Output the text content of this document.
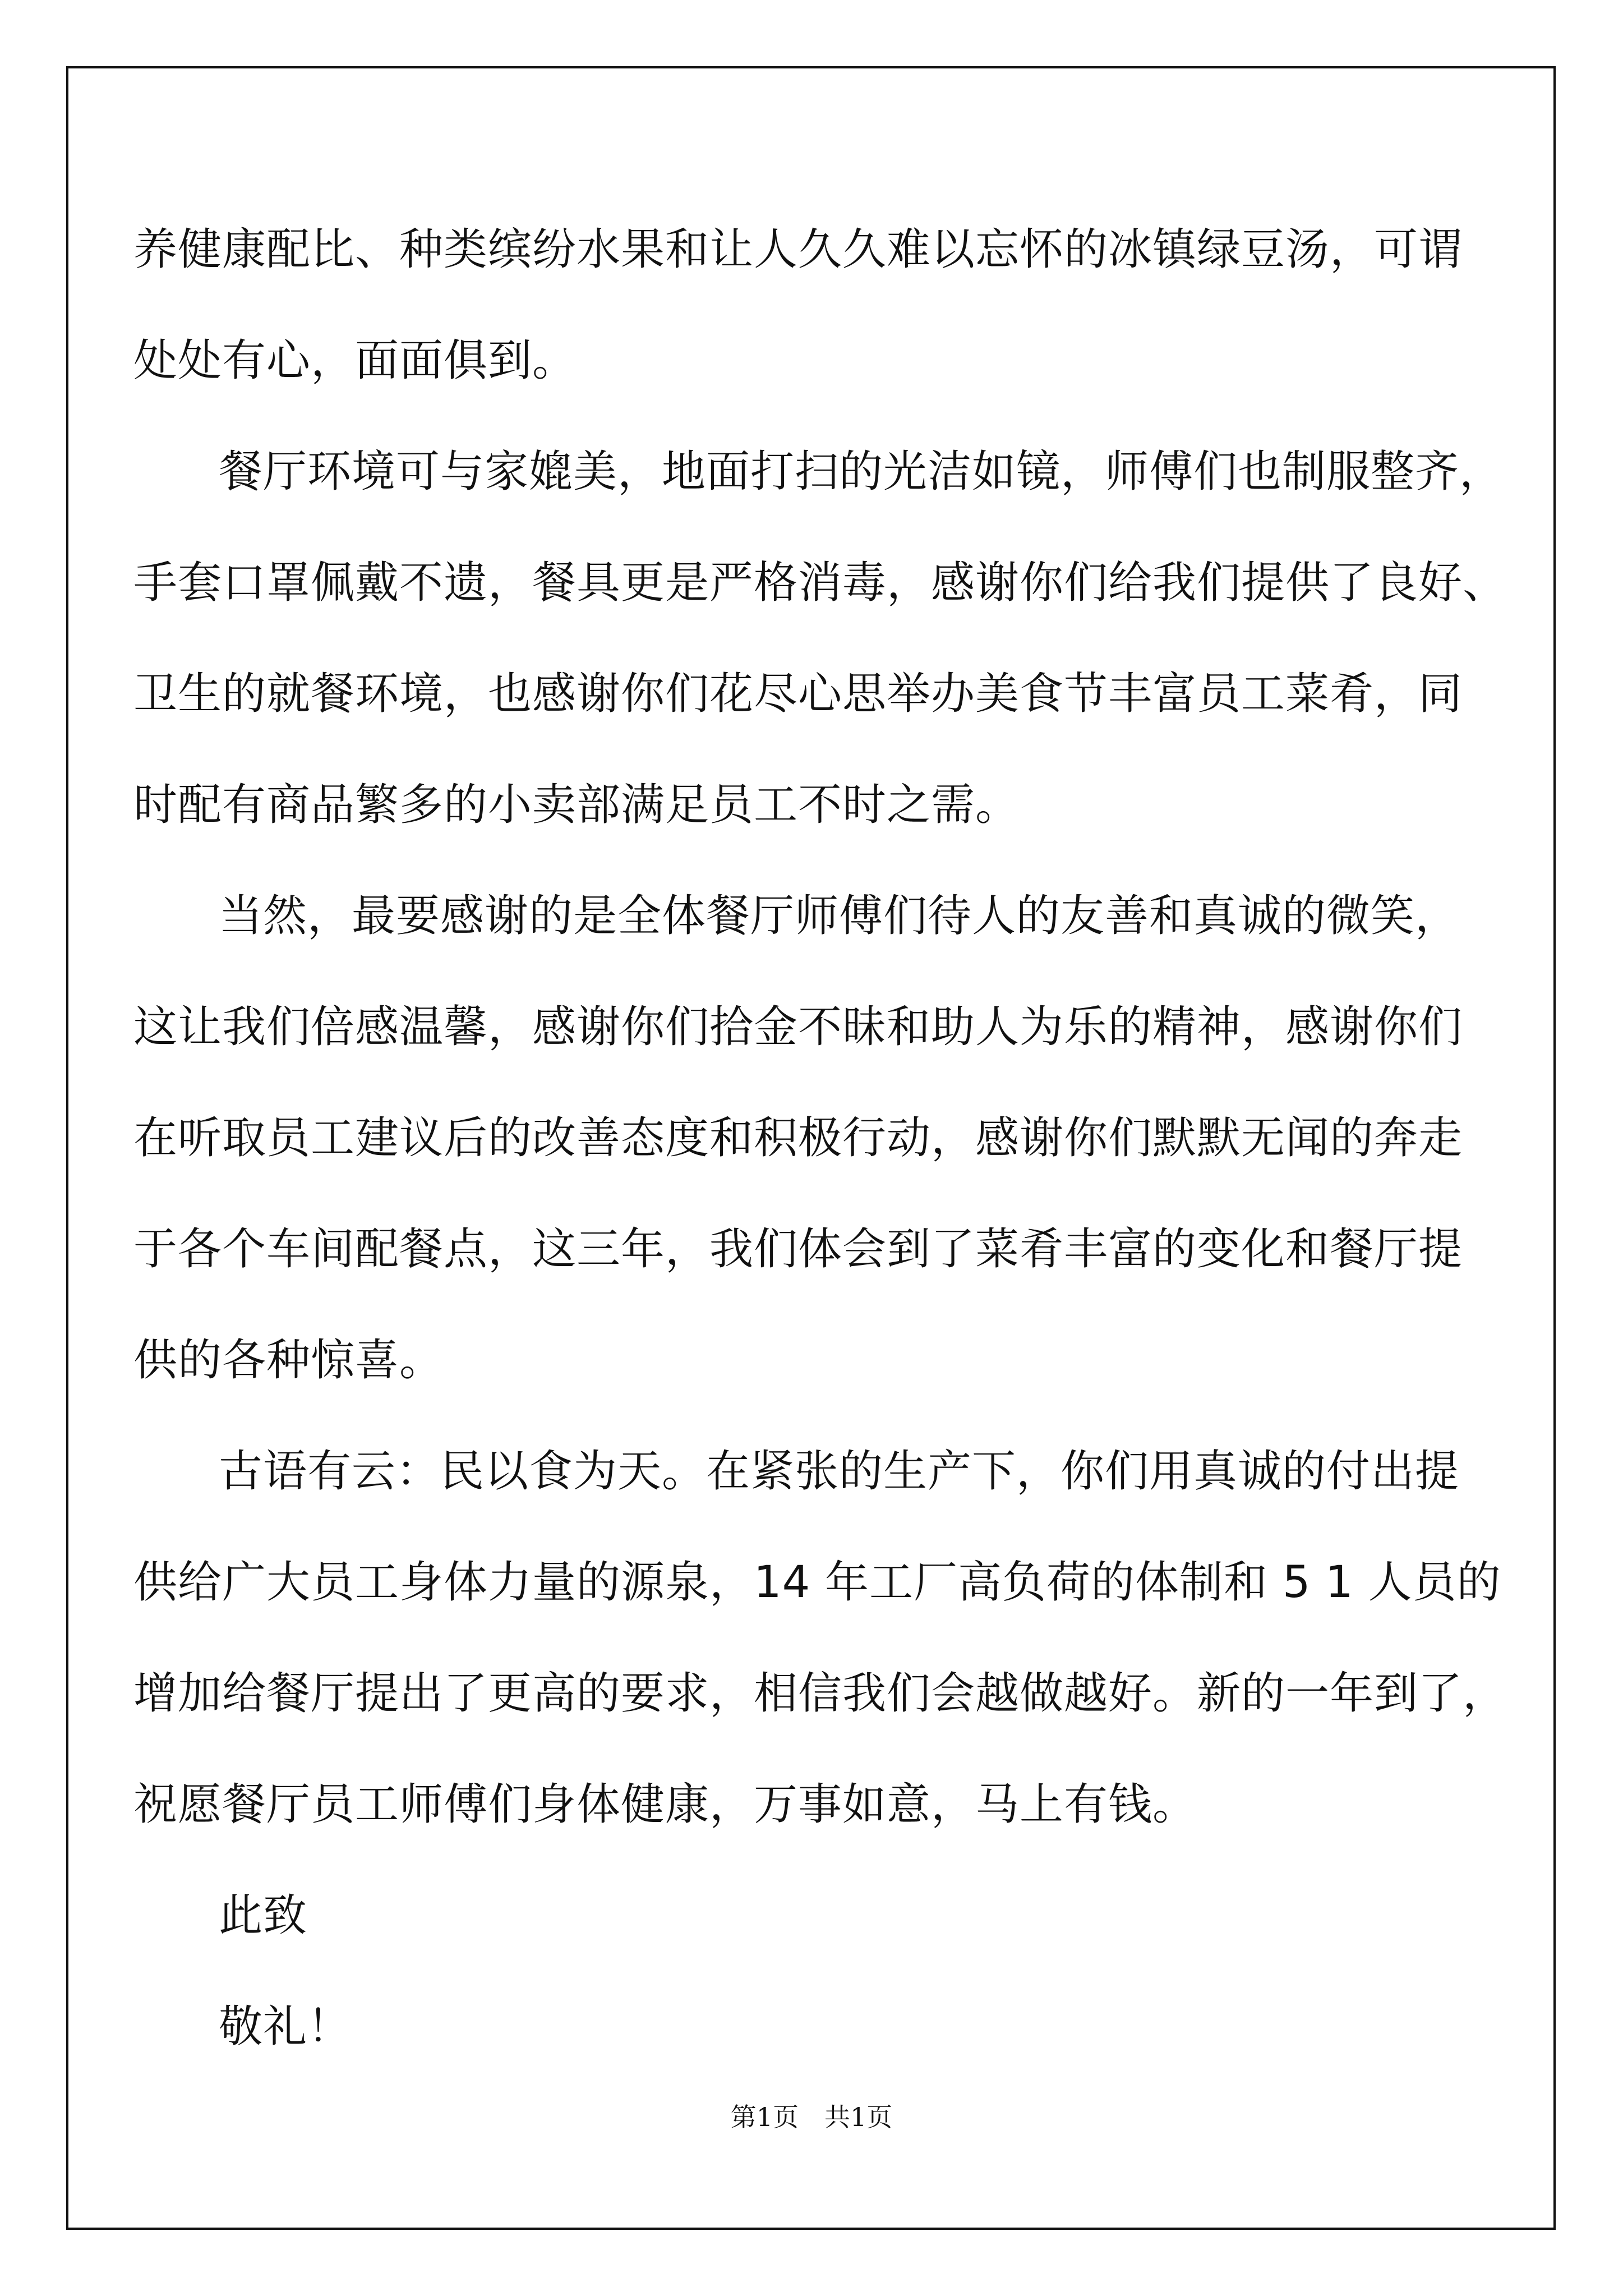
养健康配比、种类缤纷水果和让人久久难以忘怀的冰镇绿豆汤，可谓
处处有心，面面俱到。

餐厅环境可与家媲美，地面打扫的光洁如镜，师傅们也制服整齐，
手套口罩佩戴不遗，餐具更是严格消毒，感谢你们给我们提供了良好、
卫生的就餐环境，也感谢你们花尽心思举办美食节丰富员工菜肴，同
时配有商品繁多的小卖部满足员工不时之需。

当然，最要感谢的是全体餐厅师傅们待人的友善和真诚的微笑，
这让我们倍感温馨，感谢你们拾金不昧和助人为乐的精神，感谢你们
在听取员工建议后的改善态度和积极行动，感谢你们默默无闻的奔走
于各个车间配餐点，这三年，我们体会到了菜肴丰富的变化和餐厅提
供的各种惊喜。

古语有云：民以食为天。在紧张的生产下，你们用真诚的付出提
供给广大员工身体力量的源泉，14 年工厂高负荷的体制和 5 1 人员的
增加给餐厅提出了更高的要求，相信我们会越做越好。新的一年到了，
祝愿餐厅员工师傅们身体健康，万事如意，马上有钱。

此致

敬礼！

第1页　共1页
